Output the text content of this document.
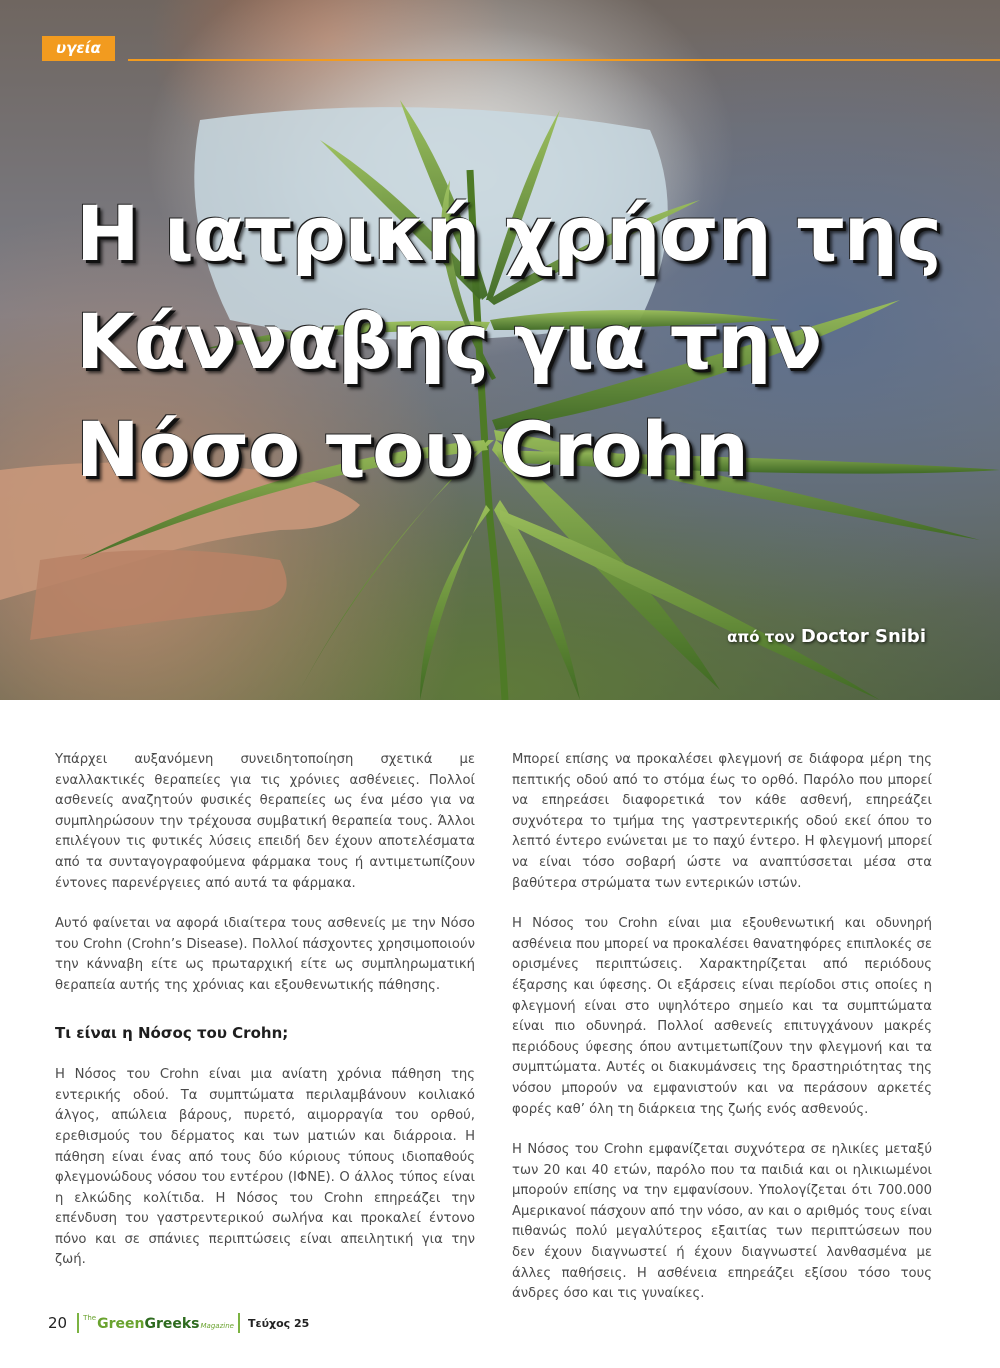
υγεία
Η ιατρική χρήση της
Κάνναβης για την
Νόσο του Crohn
από τον Doctor Snibi

Υπάρχει αυξανόμενη συνειδητοποίηση σχετικά με εναλλακτικές θεραπείες για τις χρόνιες ασθένειες. Πολλοί ασθενείς αναζητούν φυσικές θεραπείες ως ένα μέσο για να συμπληρώσουν την τρέχουσα συμβατική θεραπεία τους. Άλλοι επιλέγουν τις φυτικές λύσεις επειδή δεν έχουν αποτελέσματα από τα συνταγογραφούμενα φάρμακα τους ή αντιμετωπίζουν έντονες παρενέργειες από αυτά τα φάρμακα.

Αυτό φαίνεται να αφορά ιδιαίτερα τους ασθενείς με την Νόσο του Crohn (Crohn’s Disease). Πολλοί πάσχοντες χρησιμοποιούν την κάνναβη είτε ως πρωταρχική είτε ως συμπληρωματική θεραπεία αυτής της χρόνιας και εξουθενωτικής πάθησης.

Τι είναι η Νόσος του Crohn;

Η Νόσος του Crohn είναι μια ανίατη χρόνια πάθηση της εντερικής οδού. Τα συμπτώματα περιλαμβάνουν κοιλιακό άλγος, απώλεια βάρους, πυρετό, αιμορραγία του ορθού, ερεθισμούς του δέρματος και των ματιών και διάρροια. Η πάθηση είναι ένας από τους δύο κύριους τύπους ιδιοπαθούς φλεγμονώδους νόσου του εντέρου (ΙΦΝΕ). Ο άλλος τύπος είναι η ελκώδης κολίτιδα. Η Νόσος του Crohn επηρεάζει την επένδυση του γαστρεντερικού σωλήνα και προκαλεί έντονο πόνο και σε σπάνιες περιπτώσεις είναι απειλητική για την ζωή.

Μπορεί επίσης να προκαλέσει φλεγμονή σε διάφορα μέρη της πεπτικής οδού από το στόμα έως το ορθό. Παρόλο που μπορεί να επηρεάσει διαφορετικά τον κάθε ασθενή, επηρεάζει συχνότερα το τμήμα της γαστρεντερικής οδού εκεί όπου το λεπτό έντερο ενώνεται με το παχύ έντερο. Η φλεγμονή μπορεί να είναι τόσο σοβαρή ώστε να αναπτύσσεται μέσα στα βαθύτερα στρώματα των εντερικών ιστών.

Η Νόσος του Crohn είναι μια εξουθενωτική και οδυνηρή ασθένεια που μπορεί να προκαλέσει θανατηφόρες επιπλοκές σε ορισμένες περιπτώσεις. Χαρακτηρίζεται από περιόδους έξαρσης και ύφεσης. Οι εξάρσεις είναι περίοδοι στις οποίες η φλεγμονή είναι στο υψηλότερο σημείο και τα συμπτώματα είναι πιο οδυνηρά. Πολλοί ασθενείς επιτυγχάνουν μακρές περιόδους ύφεσης όπου αντιμετωπίζουν την φλεγμονή και τα συμπτώματα. Αυτές οι διακυμάνσεις της δραστηριότητας της νόσου μπορούν να εμφανιστούν και να περάσουν αρκετές φορές καθ’ όλη τη διάρκεια της ζωής ενός ασθενούς.

Η Νόσος του Crohn εμφανίζεται συχνότερα σε ηλικίες μεταξύ των 20 και 40 ετών, παρόλο που τα παιδιά και οι ηλικιωμένοι μπορούν επίσης να την εμφανίσουν. Υπολογίζεται ότι 700.000 Αμερικανοί πάσχουν από την νόσο, αν και ο αριθμός τους είναι πιθανώς πολύ μεγαλύτερος εξαιτίας των περιπτώσεων που δεν έχουν διαγνωστεί ή έχουν διαγνωστεί λανθασμένα με άλλες παθήσεις. Η ασθένεια επηρεάζει εξίσου τόσο τους άνδρες όσο και τις γυναίκες.

20 The Green Greeks Magazine Τεύχος 25
